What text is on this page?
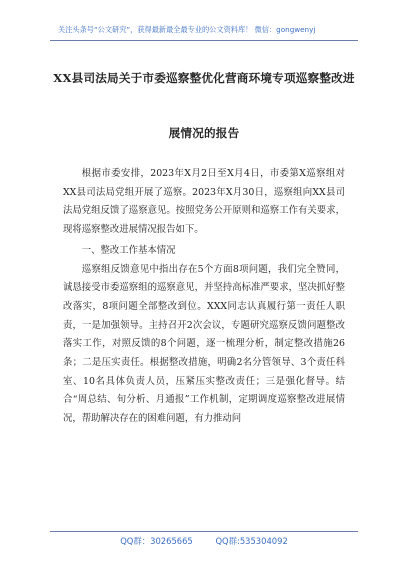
关注头条号“公文研究”，获得最新最全最专业的公文资料库！ 微信：gongwenyj
XX县司法局关于市委巡察整优化营商环境专项巡察整改进
展情况的报告

根据市委安排，2023年X月2日至X月4日，市委第X巡察组对XX县司法局党组开展了巡察。2023年X月30日，巡察组向XX县司法局党组反馈了巡察意见。按照党务公开原则和巡察工作有关要求，现将巡察整改进展情况报告如下。

一、整改工作基本情况

巡察组反馈意见中指出存在5个方面8项问题，我们完全赞同，诚恳接受市委巡察组的巡察意见，并坚持高标准严要求，坚决抓好整改落实，8项问题全部整改到位。XXX同志认真履行第一责任人职责，一是加强领导。主持召开2次会议，专题研究巡察反馈问题整改落实工作，对照反馈的8个问题，逐一梳理分析，制定整改措施26条；二是压实责任。根据整改措施，明确2名分管领导、3个责任科室、10名具体负责人员，压紧压实整改责任；三是强化督导。结合“周总结、旬分析、月通报”工作机制，定期调度巡察整改进展情况，帮助解决存在的困难问题，有力推动问

QQ群：30265665	QQ群:535304092
